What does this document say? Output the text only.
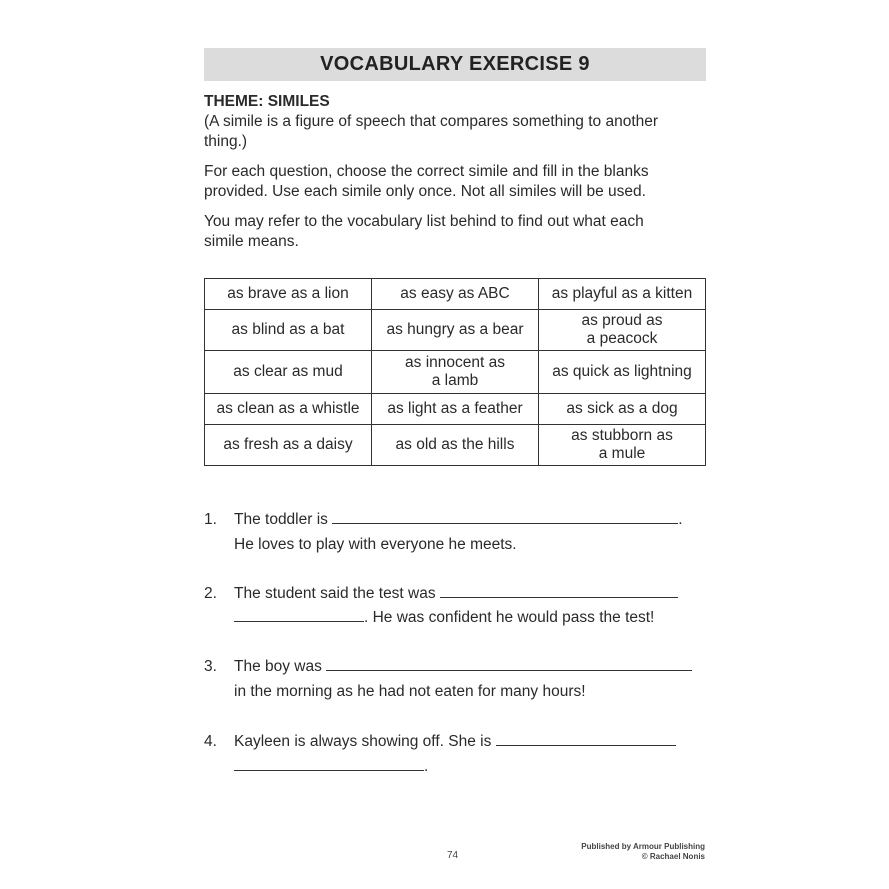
VOCABULARY EXERCISE 9

THEME: SIMILES

(A simile is a figure of speech that compares something to another
thing.)

For each question, choose the correct simile and fill in the blanks
provided. Use each simile only once. Not all similes will be used.

You may refer to the vocabulary list behind to find out what each
simile means.

as brave as a lion	as easy as ABC	as playful as a kitten
as blind as a bat	as hungry as a bear	as proud as
a peacock
as clear as mud	as innocent as
a lamb	as quick as lightning
as clean as a whistle	as light as a feather	as sick as a dog
as fresh as a daisy	as old as the hills	as stubborn as
a mule
1.	The toddler is	.
He loves to play with everyone he meets.
2.	The student said the test was
. He was confident he would pass the test!
3.	The boy was
in the morning as he had not eaten for many hours!
4.	Kayleen is always showing off. She is
.
74
Published by Armour Publishing
© Rachael Nonis
